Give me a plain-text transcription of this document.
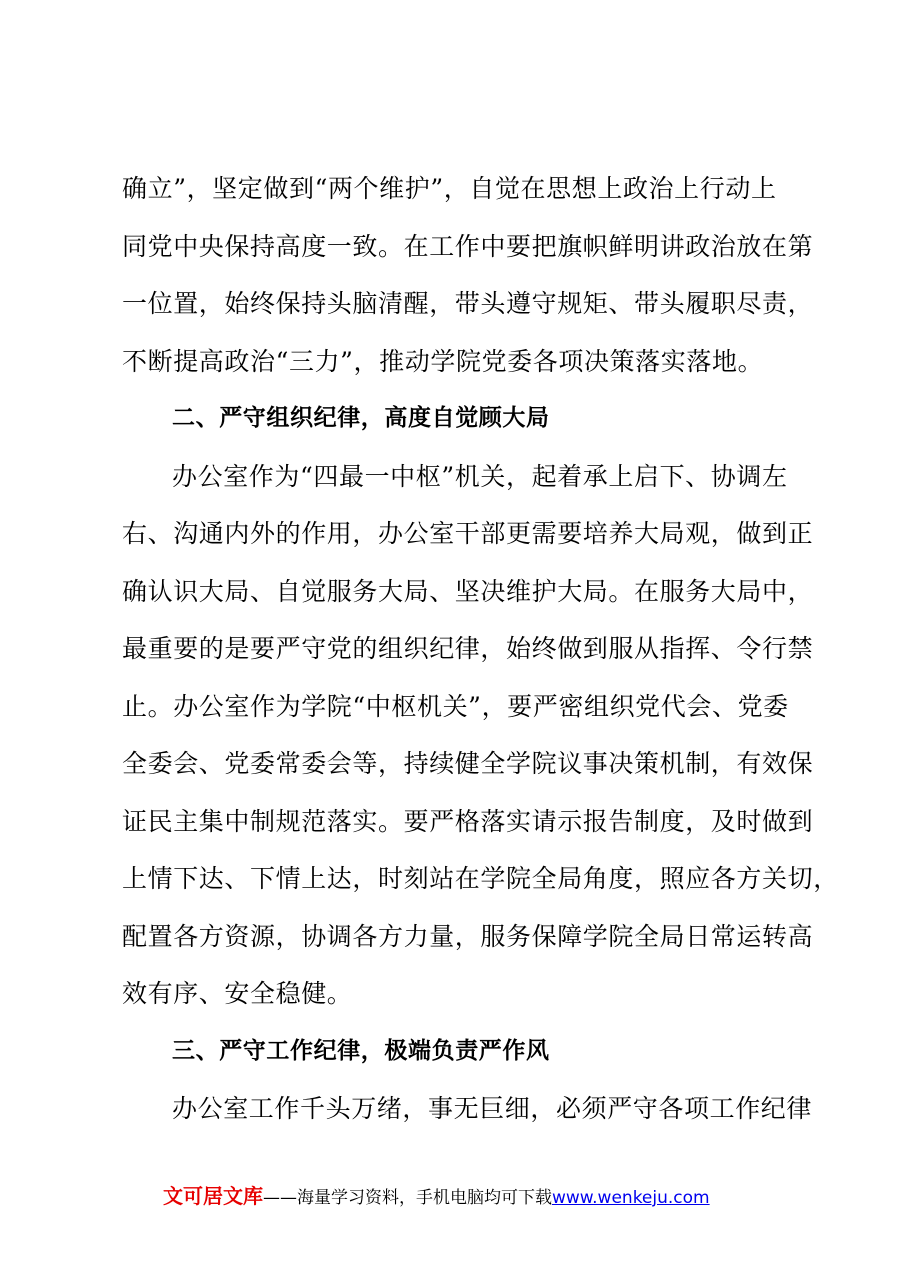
确立”，坚定做到“两个维护”，自觉在思想上政治上行动上
同党中央保持高度一致。在工作中要把旗帜鲜明讲政治放在第
一位置，始终保持头脑清醒，带头遵守规矩、带头履职尽责，
不断提高政治“三力”，推动学院党委各项决策落实落地。
二、严守组织纪律，高度自觉顾大局
办公室作为“四最一中枢”机关，起着承上启下、协调左
右、沟通内外的作用，办公室干部更需要培养大局观，做到正
确认识大局、自觉服务大局、坚决维护大局。在服务大局中，
最重要的是要严守党的组织纪律，始终做到服从指挥、令行禁
止。办公室作为学院“中枢机关”，要严密组织党代会、党委
全委会、党委常委会等，持续健全学院议事决策机制，有效保
证民主集中制规范落实。要严格落实请示报告制度，及时做到
上情下达、下情上达，时刻站在学院全局角度，照应各方关切，
配置各方资源，协调各方力量，服务保障学院全局日常运转高
效有序、安全稳健。
三、严守工作纪律，极端负责严作风
办公室工作千头万绪，事无巨细，必须严守各项工作纪律
文可居文库——海量学习资料，手机电脑均可下载www.wenkeju.com
